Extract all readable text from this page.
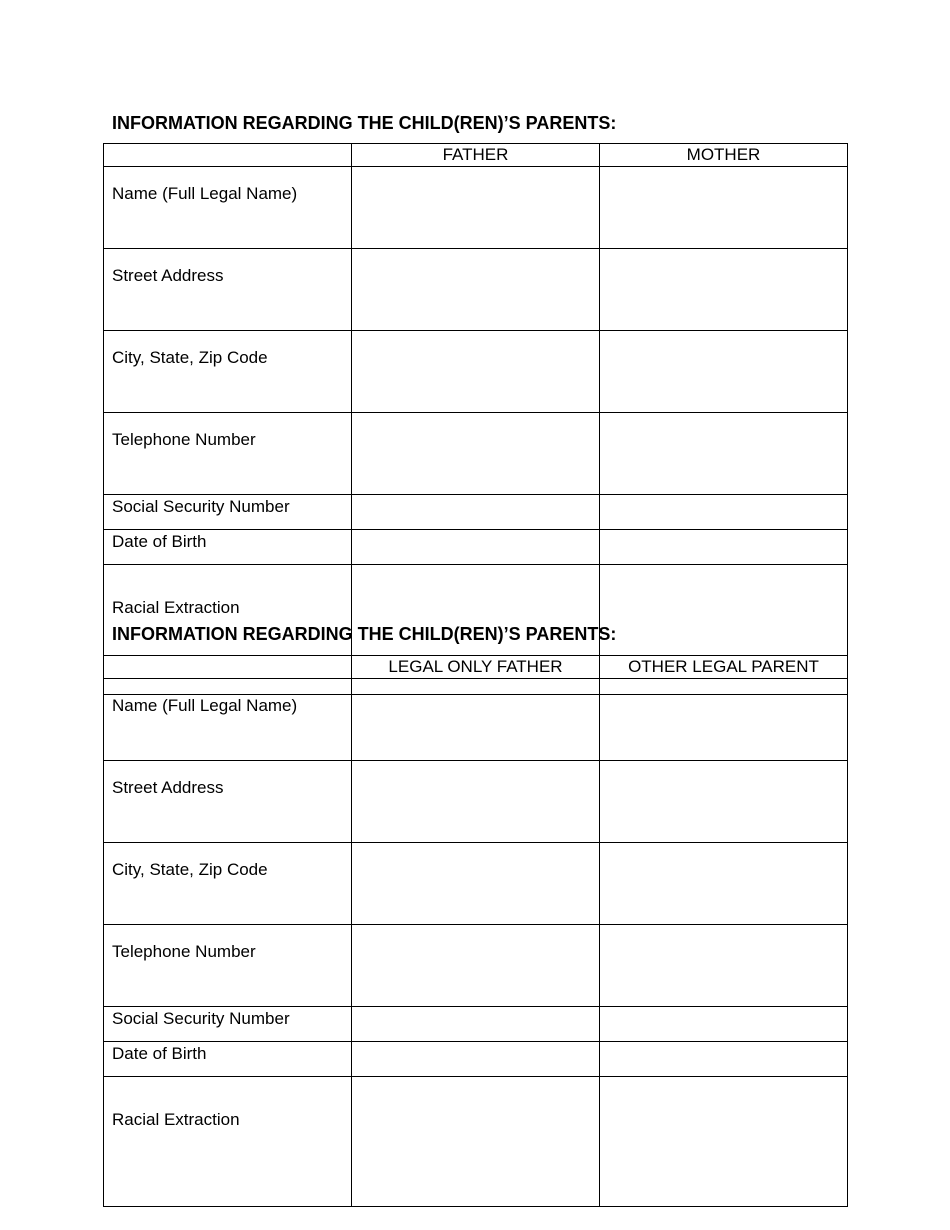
INFORMATION REGARDING THE CHILD(REN)’S PARENTS:
	FATHER	MOTHER
Name (Full Legal Name)		
Street Address		
City, State, Zip Code		
Telephone Number		
Social Security Number		
Date of Birth		
Racial Extraction		
INFORMATION REGARDING THE CHILD(REN)’S PARENTS:
	LEGAL ONLY FATHER	OTHER LEGAL PARENT
Name (Full Legal Name)		
Street Address		
City, State, Zip Code		
Telephone Number		
Social Security Number		
Date of Birth		
Racial Extraction		
